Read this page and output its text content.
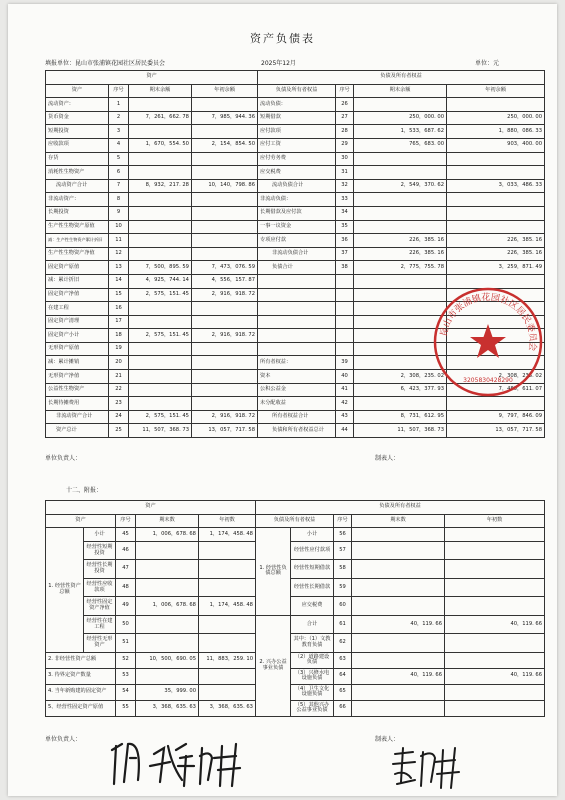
资产负债表
填报单位：昆山市张浦镇花园社区居民委员会	2025年12月	单位：元
资产				负债及所有者权益			
资产	序号	期末余额	年初余额	负债及所有者权益	序号	期末余额	年初余额
流动资产：	1			流动负债：	26		
货币资金	2	7，261，662. 78	7，985，944. 36	短期借款	27	250，000. 00	250，000. 00
短期投资	3			应付款项	28	1，533，687. 62	1，880，086. 33
应收款项	4	1，670，554. 50	2，154，854. 50	应付工资	29	765，683. 00	903，400. 00
存货	5			应付劳务费	30		
消耗性生物资产	6			应交税费	31		
流动资产合计	7	8，932，217. 28	10，140，798. 86	流动负债合计	32	2，549，370. 62	3，033，486. 33
非流动资产：	8			非流动负债：	33		
长期投资	9			长期借款及应付款	34		
生产性生物资产原值	10			一事一议资金	35		
减：生产性生物资产累计折旧	11			专项应付款	36	226，385. 16	226，385. 16
生产性生物资产净值	12			非流动负债合计	37	226，385. 16	226，385. 16
固定资产原值	13	7，500，895. 59	7，473，076. 59	负债合计	38	2，775，755. 78	3，259，871. 49
减：累计折旧	14	4，925，744. 14	4，556，157. 87				
固定资产净值	15	2，575，151. 45	2，916，918. 72				
在建工程	16						
固定资产清理	17						
固定资产小计	18	2，575，151. 45	2，916，918. 72				
无形资产原值	19						
减：累计摊销	20			所有者权益：	39		
无形资产净值	21			资本	40	2，308，235. 02	2，308，235. 02
公益性生物资产	22			公积公益金	41	6，423，377. 93	7，489，611. 07
长期待摊费用	23			未分配收益	42		
非流动资产合计	24	2，575，151. 45	2，916，918. 72	所有者权益合计	43	8，731，612. 95	9，797，846. 09
资产总计	25	11，507，368. 73	13，057，717. 58	负债和所有者权益总计	44	11，507，368. 73	13，057，717. 58
单位负责人：	制表人：
十二、附报：
资产					负债及所有者权益				
资产		序号	期末数	年初数	负债及所有者权益		序号	期末数	年初数
1. 经营性资产总额	小计	45	1，006，678. 68	1，174，458. 48	1. 经营性负债总额	小计	56		
	经营性短期投资	46				经营性应付款项	57		
	经营性长期投资	47				经营性短期借款	58		
	经营性应收款项	48				经营性长期借款	59		
	经营性固定资产净值	49	1，006，678. 68	1，174，458. 48		应交税费	60		
	经营性在建工程	50			2. 兴办公益事业负债	合计	61	40，119. 66	40，119. 66
	经营性无形资产	51				其中：（1）文教教育负债	62		
2. 非经营性资产总额		52	10，500，690. 05	11，883，259. 10		（2）道路建设负债	63		
3. 待界定资产数量		53				（3）兴修水电设施负债	64	40，119. 66	40，119. 66
4. 当年新购建的固定资产		54	35，999. 00			（4）卫生文化设施负债	65		
5、经营性固定资产原值		55	3，368，635. 63	3，368，635. 63		（5）其他兴办公益事业负债	66		
单位负责人：	制表人：
昆山市张浦镇花园社区居民委员会
3205830428290
